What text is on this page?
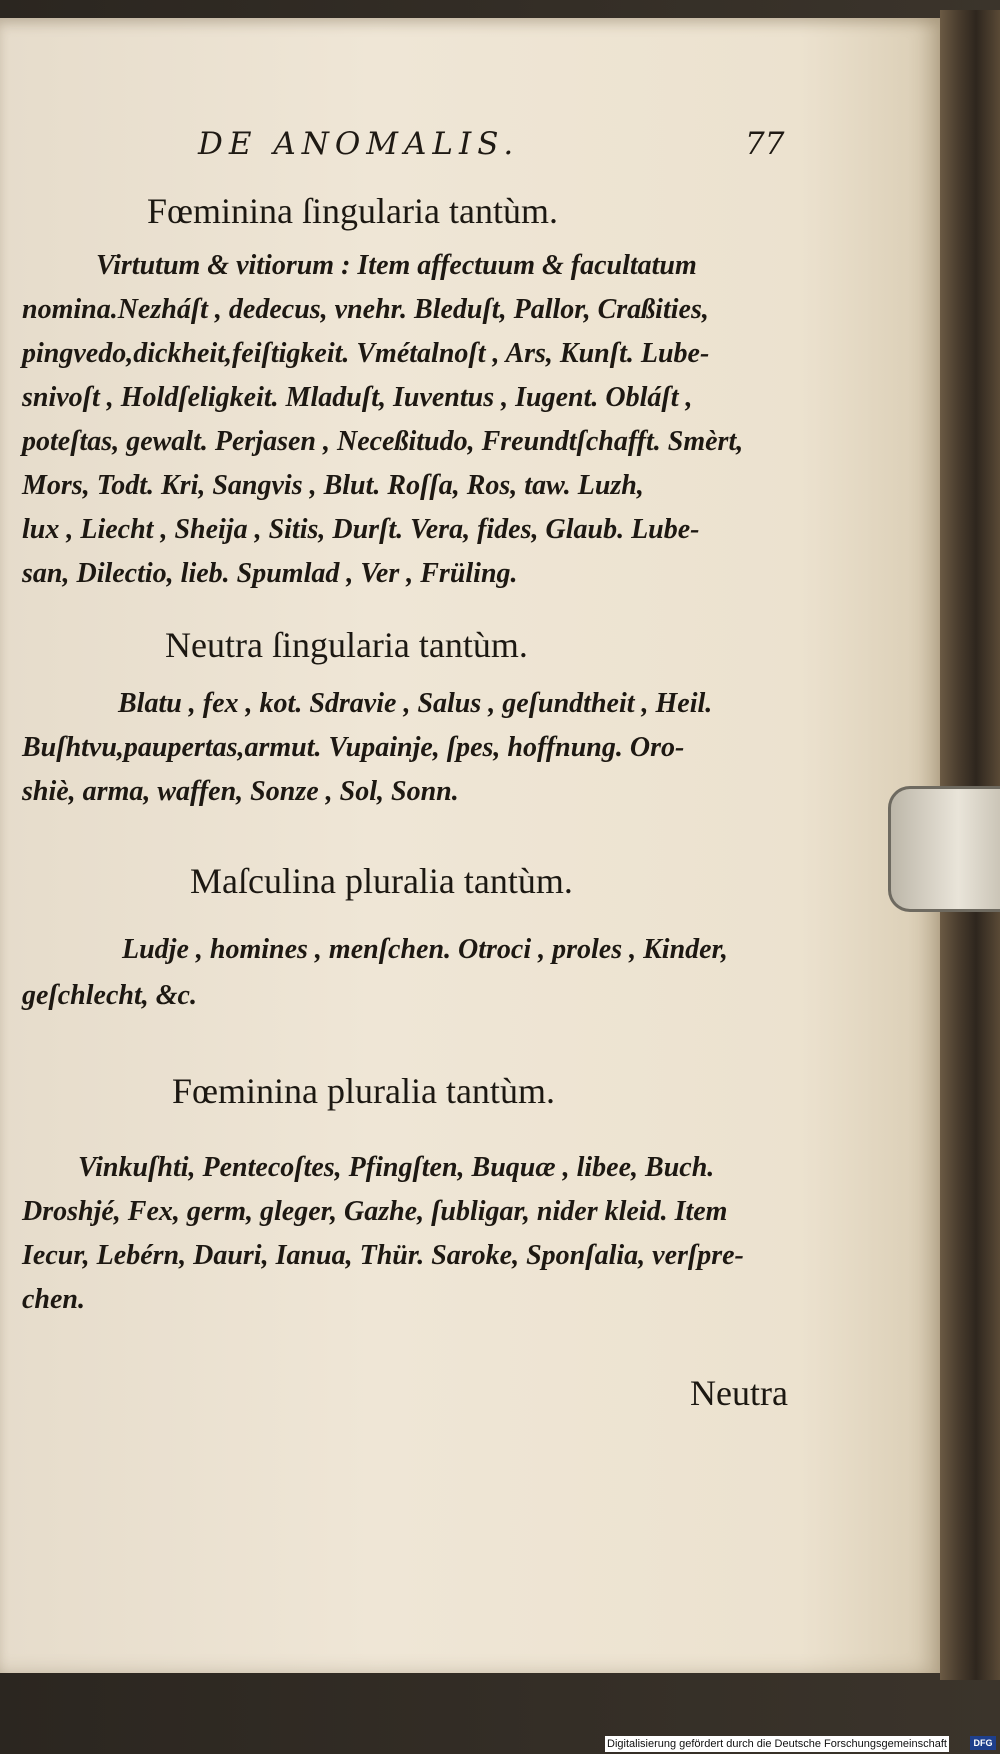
DE ANOMALIS.	77
Fœminina ſingularia tantùm.
Virtutum & vitiorum : Item affectuum & facultatum
nomina.Nezháſt , dedecus, vnehr. Bleduſt, Pallor, Craßities,
pingvedo,dickheit,feiſtigkeit. Vmétalnoſt , Ars, Kunſt. Lube-
snivoſt , Holdſeligkeit. Mladuſt, Iuventus , Iugent. Obláſt ,
poteſtas, gewalt. Perjasen , Neceßitudo, Freundtſchafft. Smèrt,
Mors, Todt. Kri, Sangvis , Blut. Roſſa, Ros, taw. Luzh,
lux , Liecht , Sheija , Sitis, Durſt. Vera, fides, Glaub. Lube-
san, Dilectio, lieb. Spumlad , Ver , Früling.
Neutra ſingularia tantùm.
Blatu , fex , kot. Sdravie , Salus , geſundtheit , Heil.
Buſhtvu,paupertas,armut. Vupainje, ſpes, hoffnung. Oro-
shiè, arma, waffen, Sonze , Sol, Sonn.
Maſculina pluralia tantùm.
Ludje , homines , menſchen. Otroci , proles , Kinder,
geſchlecht, &c.
Fœminina pluralia tantùm.
Vinkuſhti, Pentecoſtes, Pfingſten, Buquæ , libee, Buch.
Droshjé, Fex, germ, gleger, Gazhe, ſubligar, nider kleid. Item
Iecur, Lebérn, Dauri, Ianua, Thür. Saroke, Sponſalia, verſpre-
chen.
Neutra
Digitalisierung gefördert durch die Deutsche Forschungsgemeinschaft	DFG
